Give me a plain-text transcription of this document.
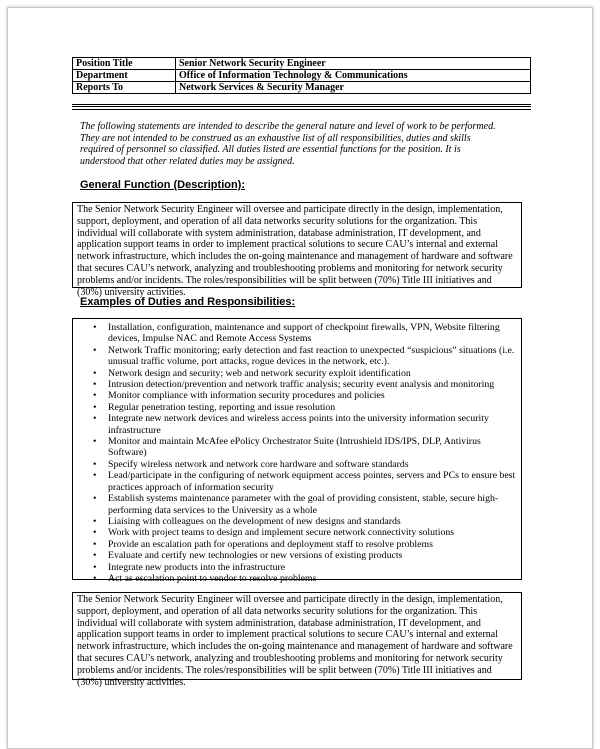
Position Title	Senior Network Security Engineer
Department	Office of Information Technology & Communications
Reports To	Network Services & Security Manager
The following statements are intended to describe the general nature and level of work to be performed. They are not intended to be construed as an exhaustive list of all responsibilities, duties and skills required of personnel so classified. All duties listed are essential functions for the position. It is understood that other related duties may be assigned.
General Function (Description):
The Senior Network Security Engineer will oversee and participate directly in the design, implementation, support, deployment, and operation of all data networks security solutions for the organization. This individual will collaborate with system administration, database administration, IT development, and application support teams in order to implement practical solutions to secure CAU’s internal and external network infrastructure, which includes the on-going maintenance and management of hardware and software that secures CAU’s network, analyzing and troubleshooting problems and monitoring for network security problems and/or incidents. The roles/responsibilities will be split between (70%) Title III initiatives and (30%) university activities.
Examples of Duties and Responsibilities:
• Installation, configuration, maintenance and support of checkpoint firewalls, VPN, Website filtering devices, Impulse NAC and Remote Access Systems
• Network Traffic monitoring; early detection and fast reaction to unexpected “suspicious” situations (i.e. unusual traffic volume, port attacks, rogue devices in the network, etc.).
• Network design and security; web and network security exploit identification
• Intrusion detection/prevention and network traffic analysis; security event analysis and monitoring
• Monitor compliance with information security procedures and policies
• Regular penetration testing, reporting and issue resolution
• Integrate new network devices and wireless access points into the university information security infrastructure
• Monitor and maintain McAfee ePolicy Orchestrator Suite (Intrushield IDS/IPS, DLP, Antivirus Software)
• Specify wireless network and network core hardware and software standards
• Lead/participate in the configuring of network equipment access pointes, servers and PCs to ensure best practices approach of information security
• Establish systems maintenance parameter with the goal of providing consistent, stable, secure high-performing data services to the University as a whole
• Liaising with colleagues on the development of new designs and standards
• Work with project teams to design and implement secure network connectivity solutions
• Provide an escalation path for operations and deployment staff to resolve problems
• Evaluate and certify new technologies or new versions of existing products
• Integrate new products into the infrastructure
• Act as escalation point to vendor to resolve problems
The Senior Network Security Engineer will oversee and participate directly in the design, implementation, support, deployment, and operation of all data networks security solutions for the organization. This individual will collaborate with system administration, database administration, IT development, and application support teams in order to implement practical solutions to secure CAU’s internal and external network infrastructure, which includes the on-going maintenance and management of hardware and software that secures CAU’s network, analyzing and troubleshooting problems and monitoring for network security problems and/or incidents. The roles/responsibilities will be split between (70%) Title III initiatives and (30%) university activities.
